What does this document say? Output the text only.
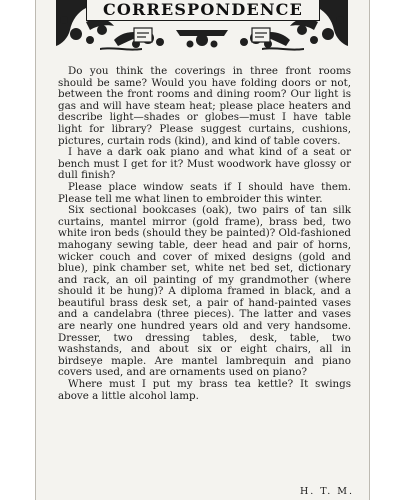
CORRESPONDENCE

Do you think the coverings in three front rooms should be same? Would you have folding doors or not, between the front rooms and dining room? Our light is gas and will have steam heat; please place heaters and describe light—shades or globes—must I have table light for library? Please suggest curtains, cushions, pictures, curtain rods (kind), and kind of table covers.

I have a dark oak piano and what kind of a seat or bench must I get for it? Must woodwork have glossy or dull finish?

Please place window seats if I should have them. Please tell me what linen to embroider this winter.

Six sectional bookcases (oak), two pairs of tan silk curtains, mantel mirror (gold frame), brass bed, two white iron beds (should they be painted)? Old-fashioned mahogany sewing table, deer head and pair of horns, wicker couch and cover of mixed designs (gold and blue), pink chamber set, white net bed set, dictionary and rack, an oil painting of my grandmother (where should it be hung)? A diploma framed in black, and a beautiful brass desk set, a pair of hand-painted vases and a candelabra (three pieces). The latter and vases are nearly one hundred years old and very handsome. Dresser, two dressing tables, desk, table, two washstands, and about six or eight chairs, all in birdseye maple. Are mantel lambrequin and piano covers used, and are ornaments used on piano?

Where must I put my brass tea kettle? It swings above a little alcohol lamp.

H. T. M.
